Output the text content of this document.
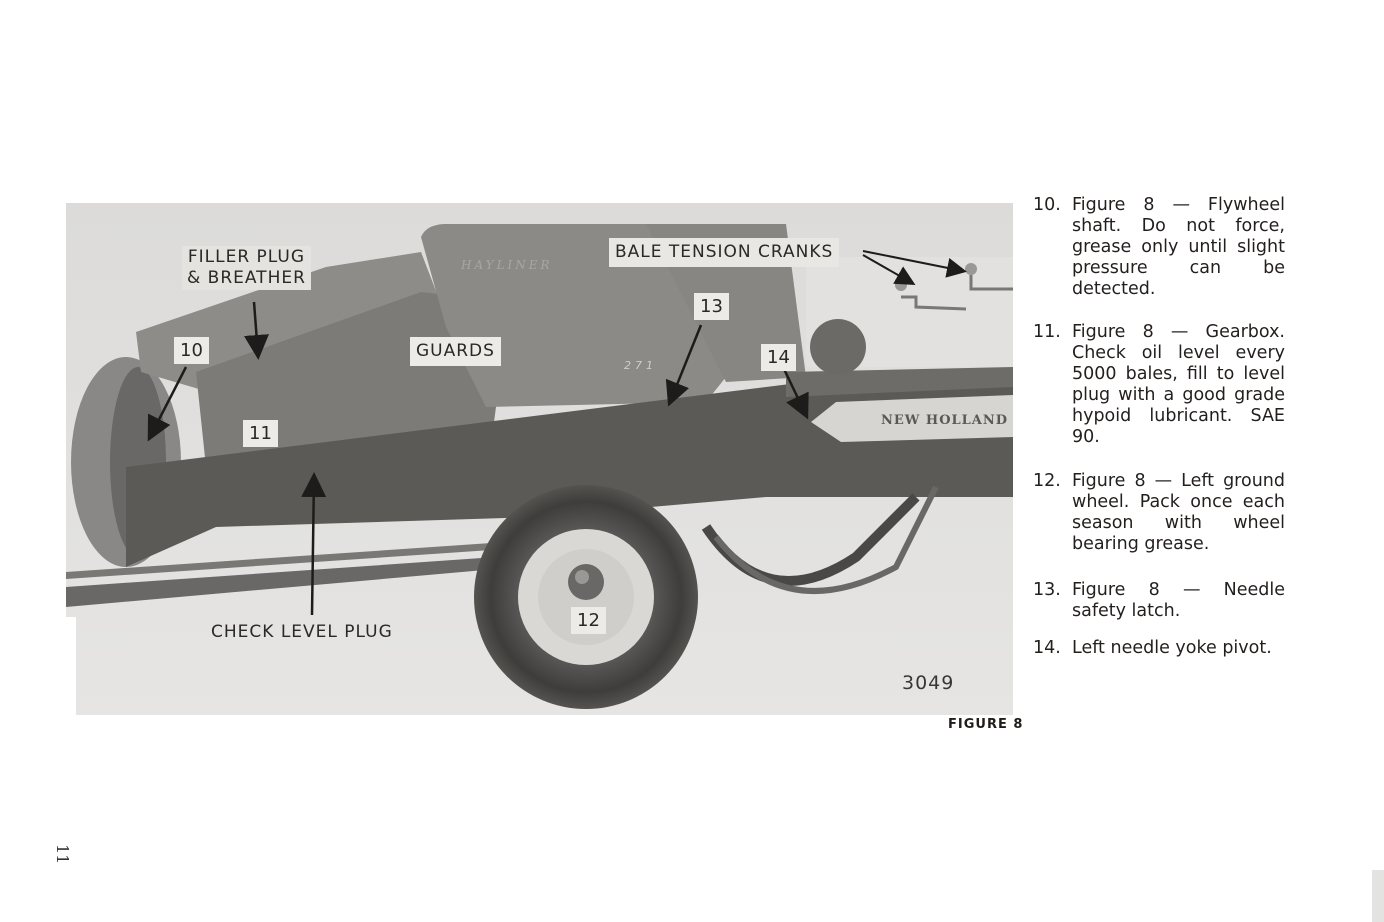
HAYLINER
271
NEW HOLLAND
FILLER PLUG
& BREATHER
GUARDS
BALE TENSION CRANKS
CHECK LEVEL PLUG
10
11
12
13
14
3049
FIGURE 8
10. Figure 8 — Flywheel shaft. Do not force, grease only until slight pressure can be detected.
11. Figure 8 — Gearbox. Check oil level every 5000 bales, fill to level plug with a good grade hypoid lubricant. SAE 90.
12. Figure 8 — Left ground wheel. Pack once each season with wheel bearing grease.
13. Figure 8 — Needle safety latch.
14. Left needle yoke pivot.
11
